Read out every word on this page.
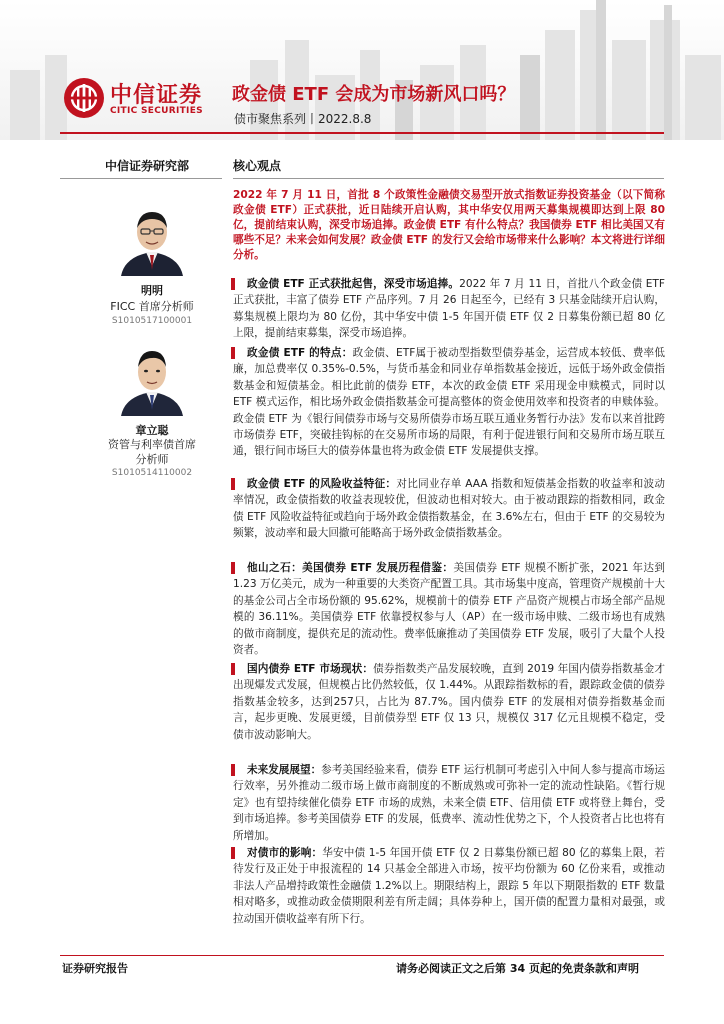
中信证券
CITIC SECURITIES
政金债 ETF 会成为市场新风口吗？
债市聚焦系列丨2022.8.8
中信证券研究部	核心观点
明明
FICC 首席分析师
S1010517100001
章立聪
资管与利率债首席
分析师
S1010514110002
2022 年 7 月 11 日，首批 8 个政策性金融债交易型开放式指数证券投资基金（以下简称政金债 ETF）正式获批，近日陆续开启认购，其中华安仅用两天募集规模即达到上限 80 亿，提前结束认购，深受市场追捧。政金债 ETF 有什么特点？我国债券 ETF 相比美国又有哪些不足？未来会如何发展？政金债 ETF 的发行又会给市场带来什么影响？本文将进行详细分析。
政金债 ETF 正式获批起售，深受市场追捧。2022 年 7 月 11 日，首批八个政金债 ETF 正式获批，丰富了债券 ETF 产品序列。7 月 26 日起至今，已经有 3 只基金陆续开启认购，募集规模上限均为 80 亿份，其中华安中债 1-5 年国开债 ETF 仅 2 日募集份额已超 80 亿上限，提前结束募集，深受市场追捧。
政金债 ETF 的特点：政金债、ETF属于被动型指数型债券基金，运营成本较低、费率低廉，加总费率仅 0.35%-0.5%，与货币基金和同业存单指数基金接近，远低于场外政金债指数基金和短债基金。相比此前的债券 ETF，本次的政金债 ETF 采用现金申赎模式，同时以 ETF 模式运作，相比场外政金债指数基金可提高整体的资金使用效率和投资者的申赎体验。政金债 ETF 为《银行间债券市场与交易所债券市场互联互通业务暂行办法》发布以来首批跨市场债券 ETF，突破挂钩标的在交易所市场的局限，有利于促进银行间和交易所市场互联互通，银行间市场巨大的债券体量也将为政金债 ETF 发展提供支撑。
政金债 ETF 的风险收益特征：对比同业存单 AAA 指数和短债基金指数的收益率和波动率情况，政金债指数的收益表现较优，但波动也相对较大。由于被动跟踪的指数相同，政金债 ETF 风险收益特征或趋向于场外政金债指数基金，在 3.6%左右，但由于 ETF 的交易较为频繁，波动率和最大回撤可能略高于场外政金债指数基金。
他山之石：美国债券 ETF 发展历程借鉴：美国债券 ETF 规模不断扩张，2021 年达到 1.23 万亿美元，成为一种重要的大类资产配置工具。其市场集中度高，管理资产规模前十大的基金公司占全市场份额的 95.62%，规模前十的债券 ETF 产品资产规模占市场全部产品规模的 36.11%。美国债券 ETF 依靠授权参与人（AP）在一级市场申赎、二级市场也有成熟的做市商制度，提供充足的流动性。费率低廉推动了美国债券 ETF 发展，吸引了大量个人投资者。
国内债券 ETF 市场现状：债券指数类产品发展较晚，直到 2019 年国内债券指数基金才出现爆发式发展，但规模占比仍然较低，仅 1.44%。从跟踪指数标的看，跟踪政金债的债券指数基金较多，达到257只，占比为 87.7%。国内债券 ETF 的发展相对债券指数基金而言，起步更晚、发展更缓，目前债券型 ETF 仅 13 只，规模仅 317 亿元且规模不稳定，受债市波动影响大。
未来发展展望：参考美国经验来看，债券 ETF 运行机制可考虑引入中间人参与提高市场运行效率，另外推动二级市场上做市商制度的不断成熟或可弥补一定的流动性缺陷。《暂行规定》也有望持续催化债券 ETF 市场的成熟，未来全债 ETF、信用债 ETF 或将登上舞台，受到市场追捧。参考美国债券 ETF 的发展，低费率、流动性优势之下，个人投资者占比也将有所增加。
对债市的影响：华安中债 1-5 年国开债 ETF 仅 2 日募集份额已超 80 亿的募集上限，若待发行及正处于申报流程的 14 只基金全部进入市场，按平均份额为 60 亿份来看，或推动非法人产品增持政策性金融债 1.2%以上。期限结构上，跟踪 5 年以下期限指数的 ETF 数量相对略多，或推动政金债期限利差有所走阔；具体券种上，国开债的配置力量相对最强，或拉动国开债收益率有所下行。
证券研究报告	请务必阅读正文之后第 34 页起的免责条款和声明
